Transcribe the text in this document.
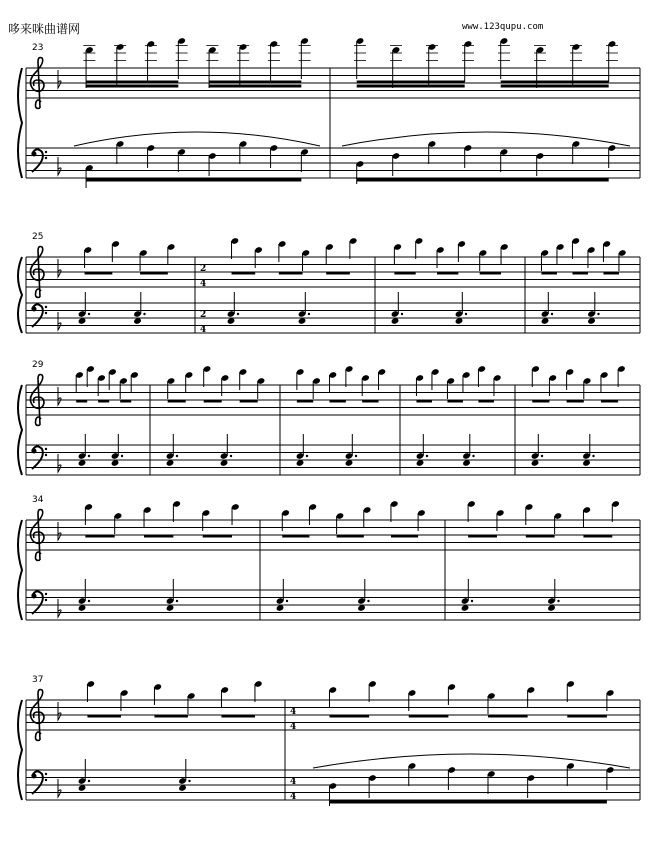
哆来咪曲谱网	www.123qupu.com
23
25
2
4
2
4
29
34
37
4
4
4
4
